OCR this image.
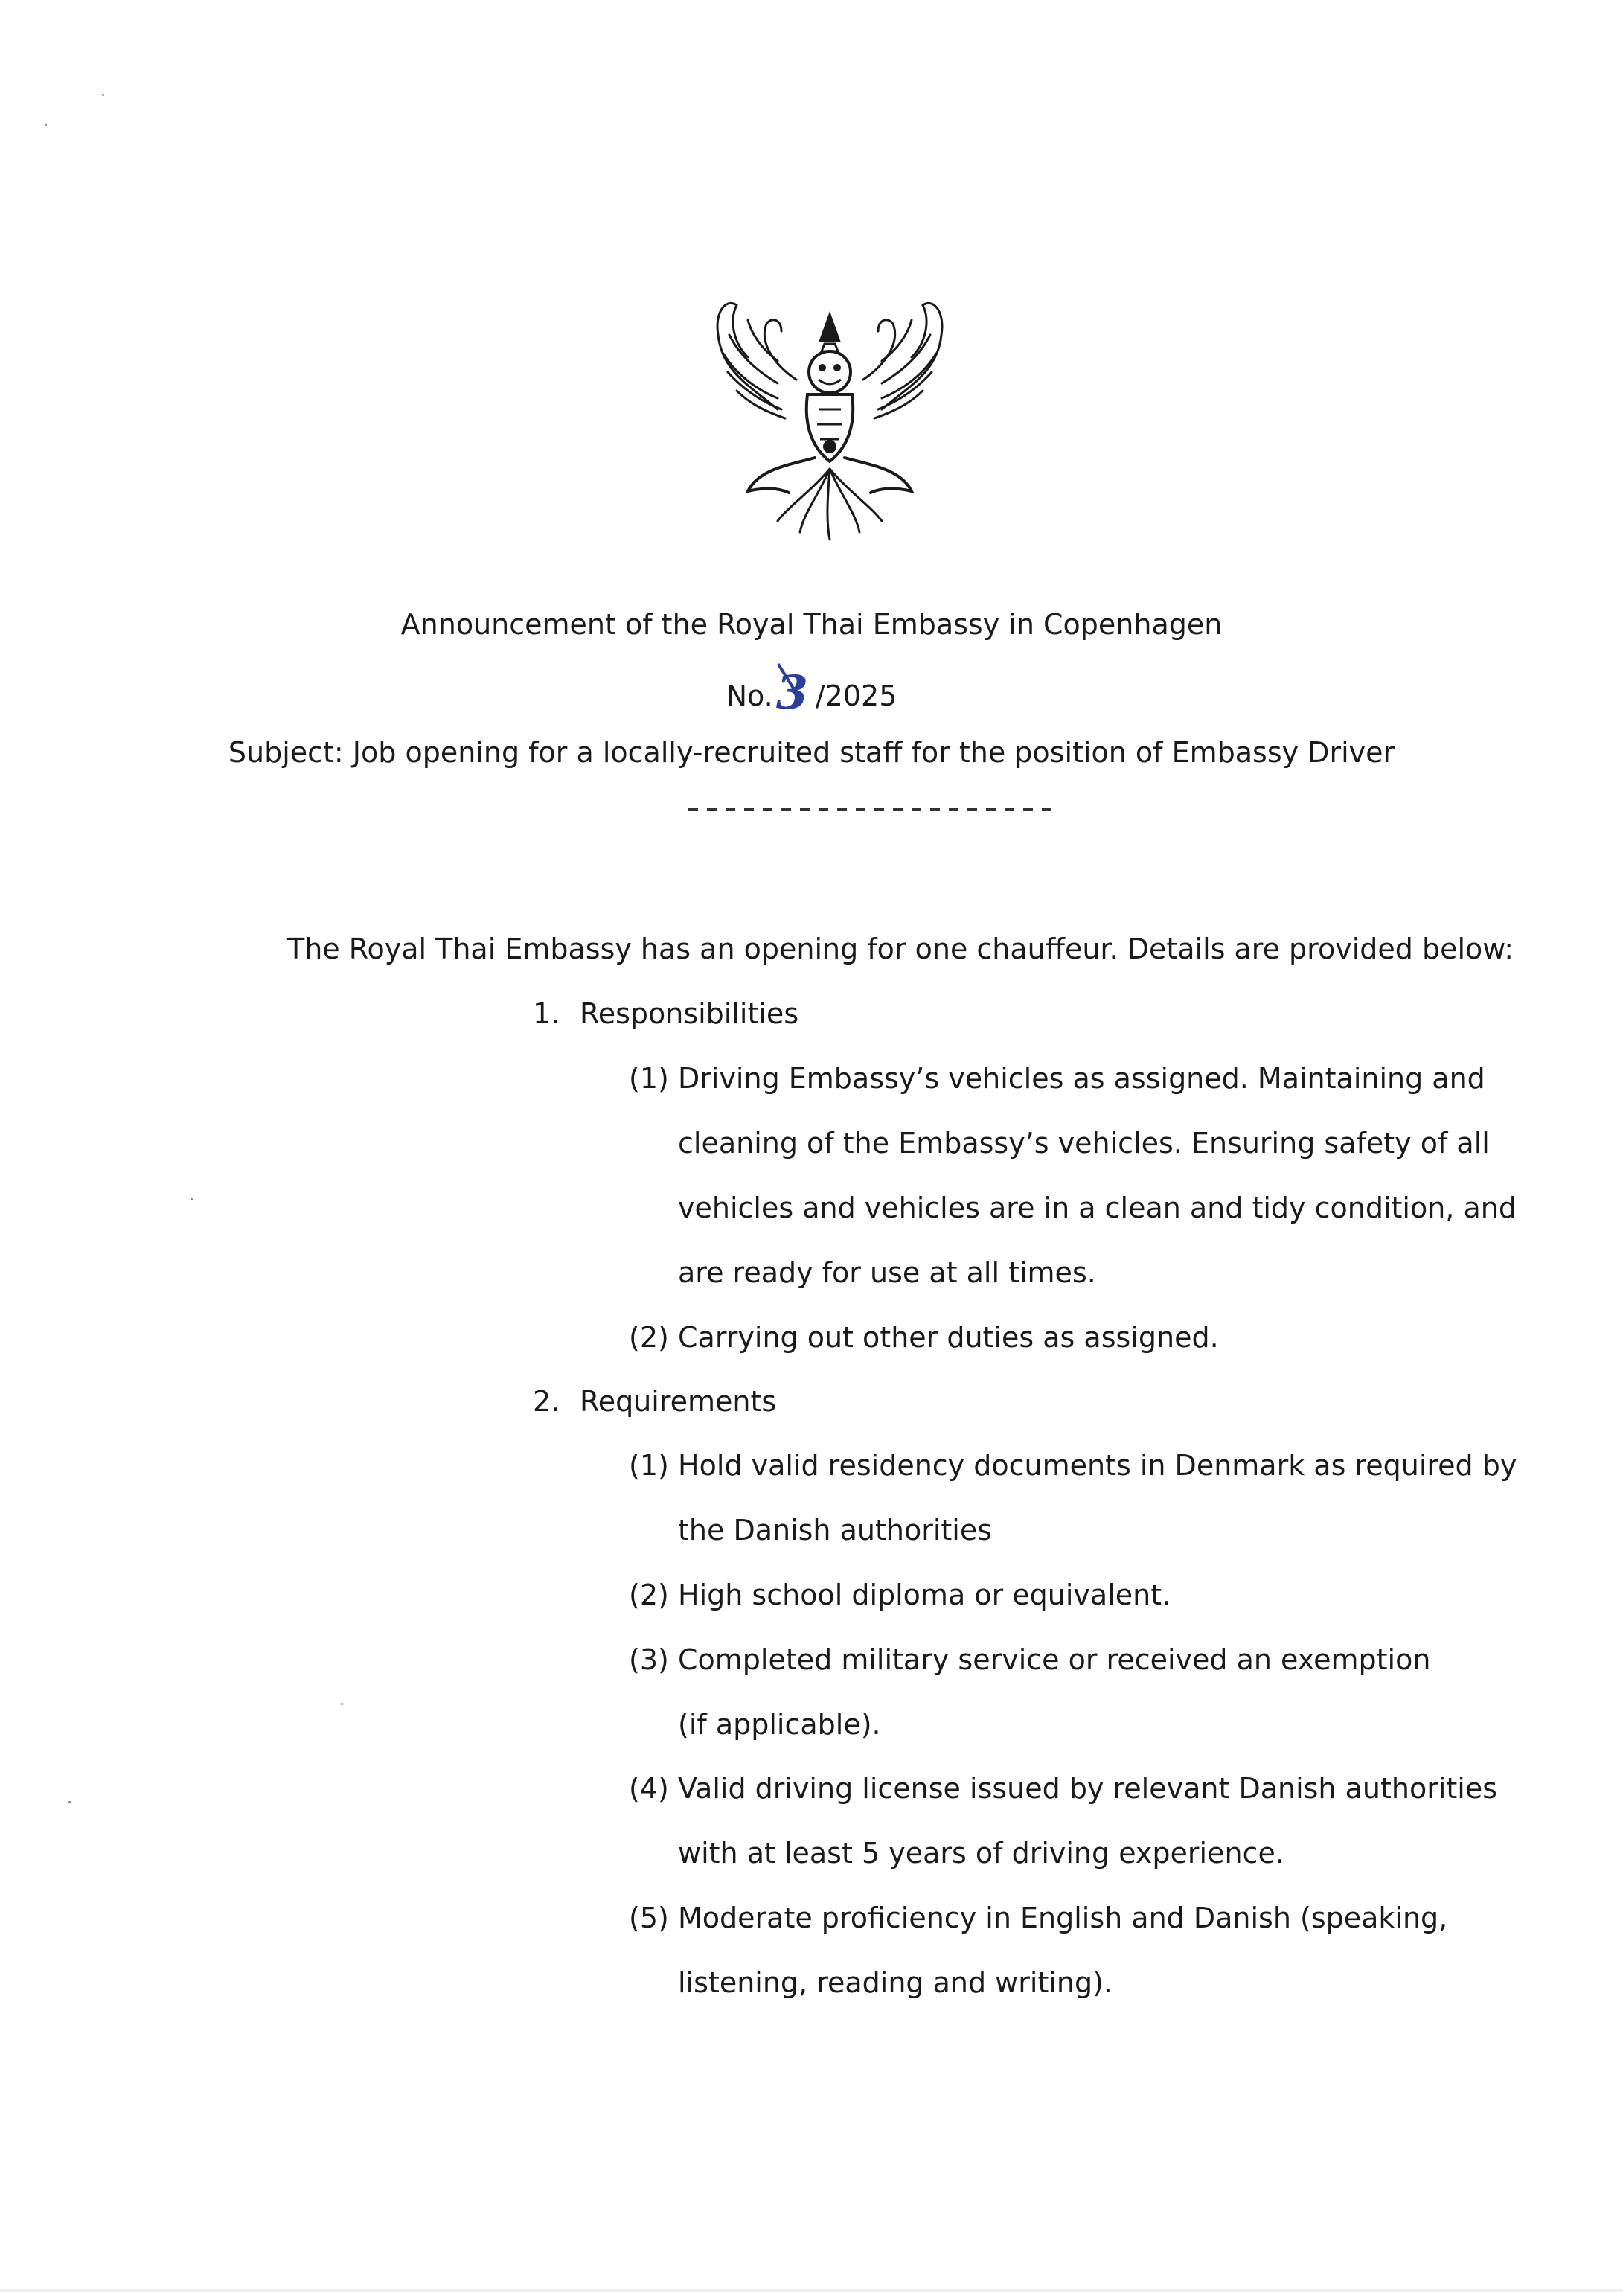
Announcement of the Royal Thai Embassy in Copenhagen
No.3 /2025
Subject: Job opening for a locally-recruited staff for the position of Embassy Driver
The Royal Thai Embassy has an opening for one chauffeur. Details are provided below:
1. Responsibilities
(1) Driving Embassy’s vehicles as assigned. Maintaining and
cleaning of the Embassy’s vehicles. Ensuring safety of all
vehicles and vehicles are in a clean and tidy condition, and
are ready for use at all times.
(2) Carrying out other duties as assigned.
2. Requirements
(1) Hold valid residency documents in Denmark as required by
the Danish authorities
(2) High school diploma or equivalent.
(3) Completed military service or received an exemption
(if applicable).
(4) Valid driving license issued by relevant Danish authorities
with at least 5 years of driving experience.
(5) Moderate proficiency in English and Danish (speaking,
listening, reading and writing).
